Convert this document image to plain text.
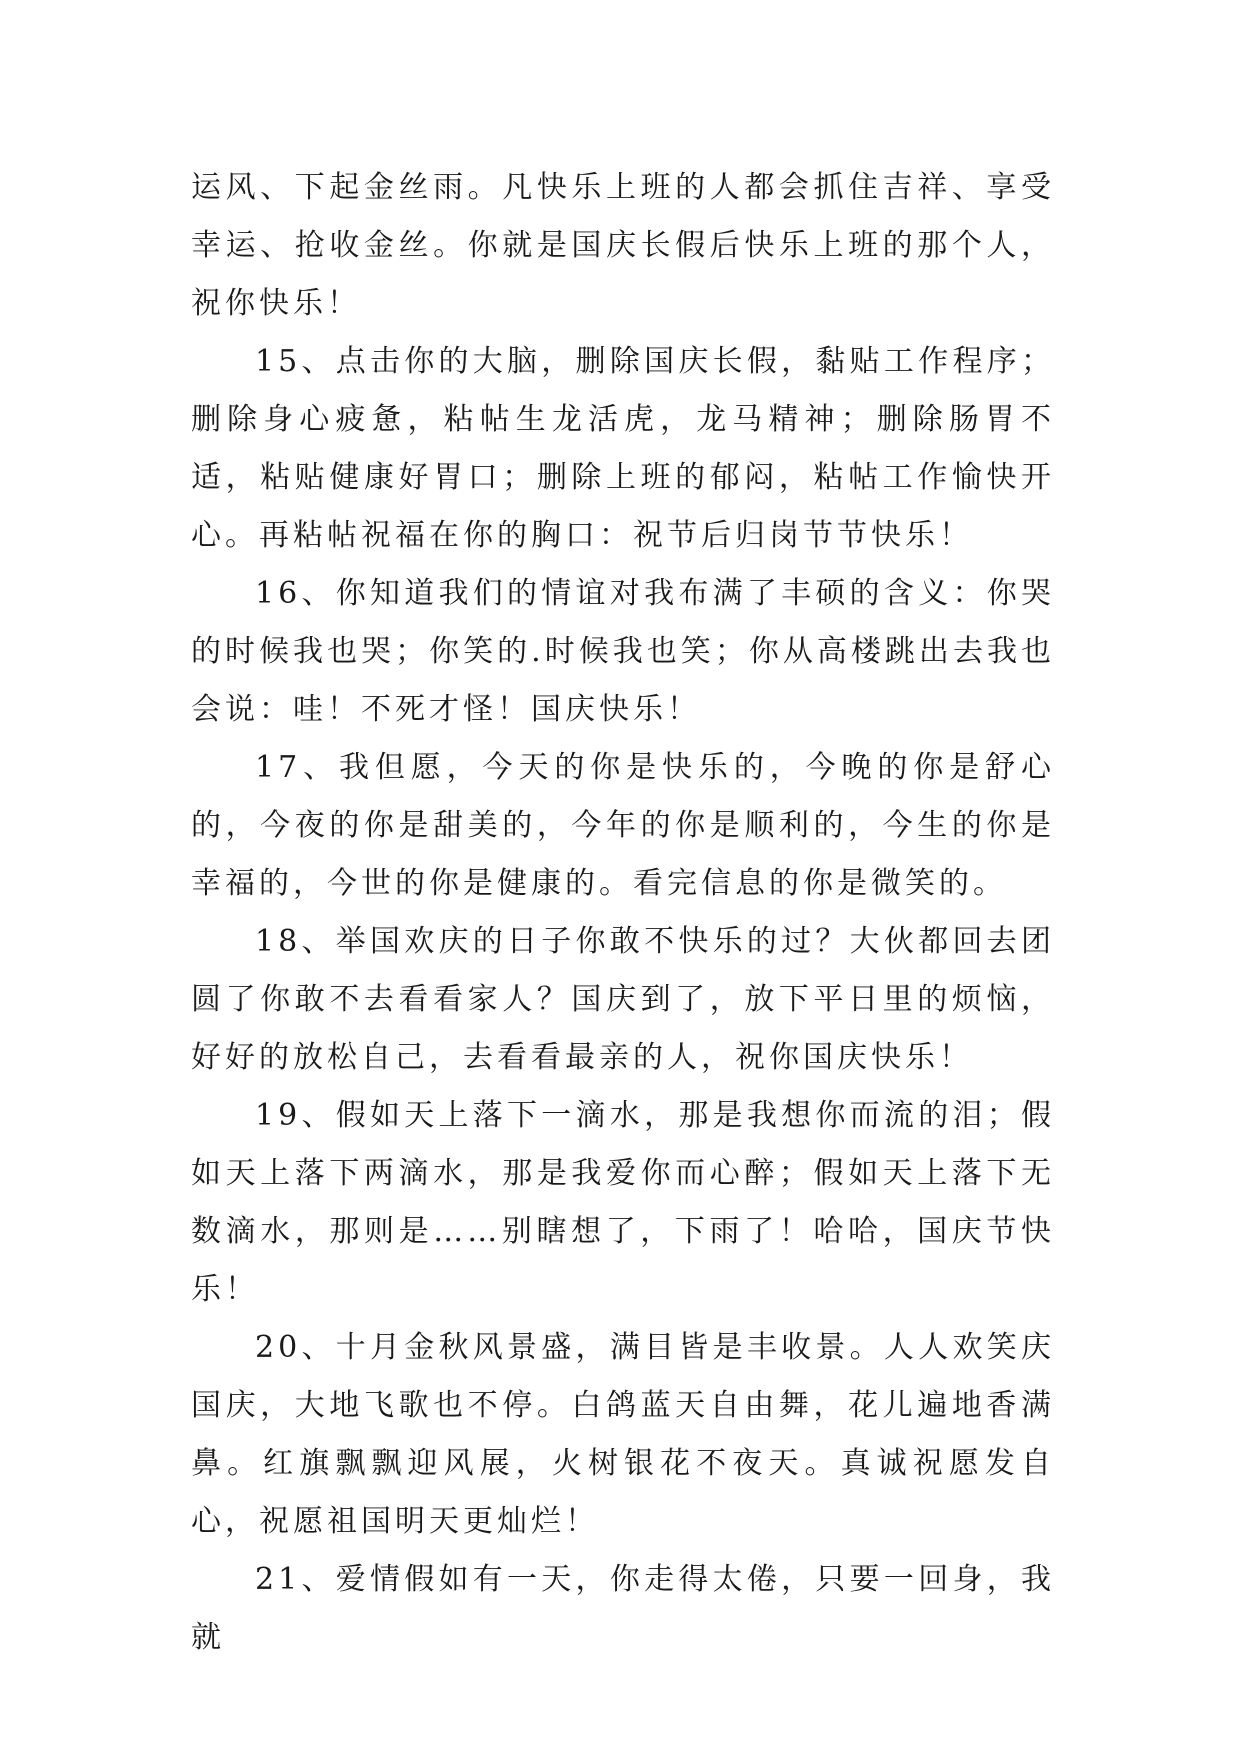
运风、下起金丝雨。凡快乐上班的人都会抓住吉祥、享受幸运、抢收金丝。你就是国庆长假后快乐上班的那个人，祝你快乐！

15、点击你的大脑，删除国庆长假，黏贴工作程序；删除身心疲惫，粘帖生龙活虎，龙马精神；删除肠胃不适，粘贴健康好胃口；删除上班的郁闷，粘帖工作愉快开心。再粘帖祝福在你的胸口：祝节后归岗节节快乐！

16、你知道我们的情谊对我布满了丰硕的含义：你哭的时候我也哭；你笑的.时候我也笑；你从高楼跳出去我也会说：哇！不死才怪！国庆快乐！

17、我但愿，今天的你是快乐的，今晚的你是舒心的，今夜的你是甜美的，今年的你是顺利的，今生的你是幸福的，今世的你是健康的。看完信息的你是微笑的。

18、举国欢庆的日子你敢不快乐的过？大伙都回去团圆了你敢不去看看家人？国庆到了，放下平日里的烦恼，好好的放松自己，去看看最亲的人，祝你国庆快乐！

19、假如天上落下一滴水，那是我想你而流的泪；假如天上落下两滴水，那是我爱你而心醉；假如天上落下无数滴水，那则是……别瞎想了，下雨了！哈哈，国庆节快乐！

20、十月金秋风景盛，满目皆是丰收景。人人欢笑庆国庆，大地飞歌也不停。白鸽蓝天自由舞，花儿遍地香满鼻。红旗飘飘迎风展，火树银花不夜天。真诚祝愿发自心，祝愿祖国明天更灿烂！

21、爱情假如有一天，你走得太倦，只要一回身，我就
